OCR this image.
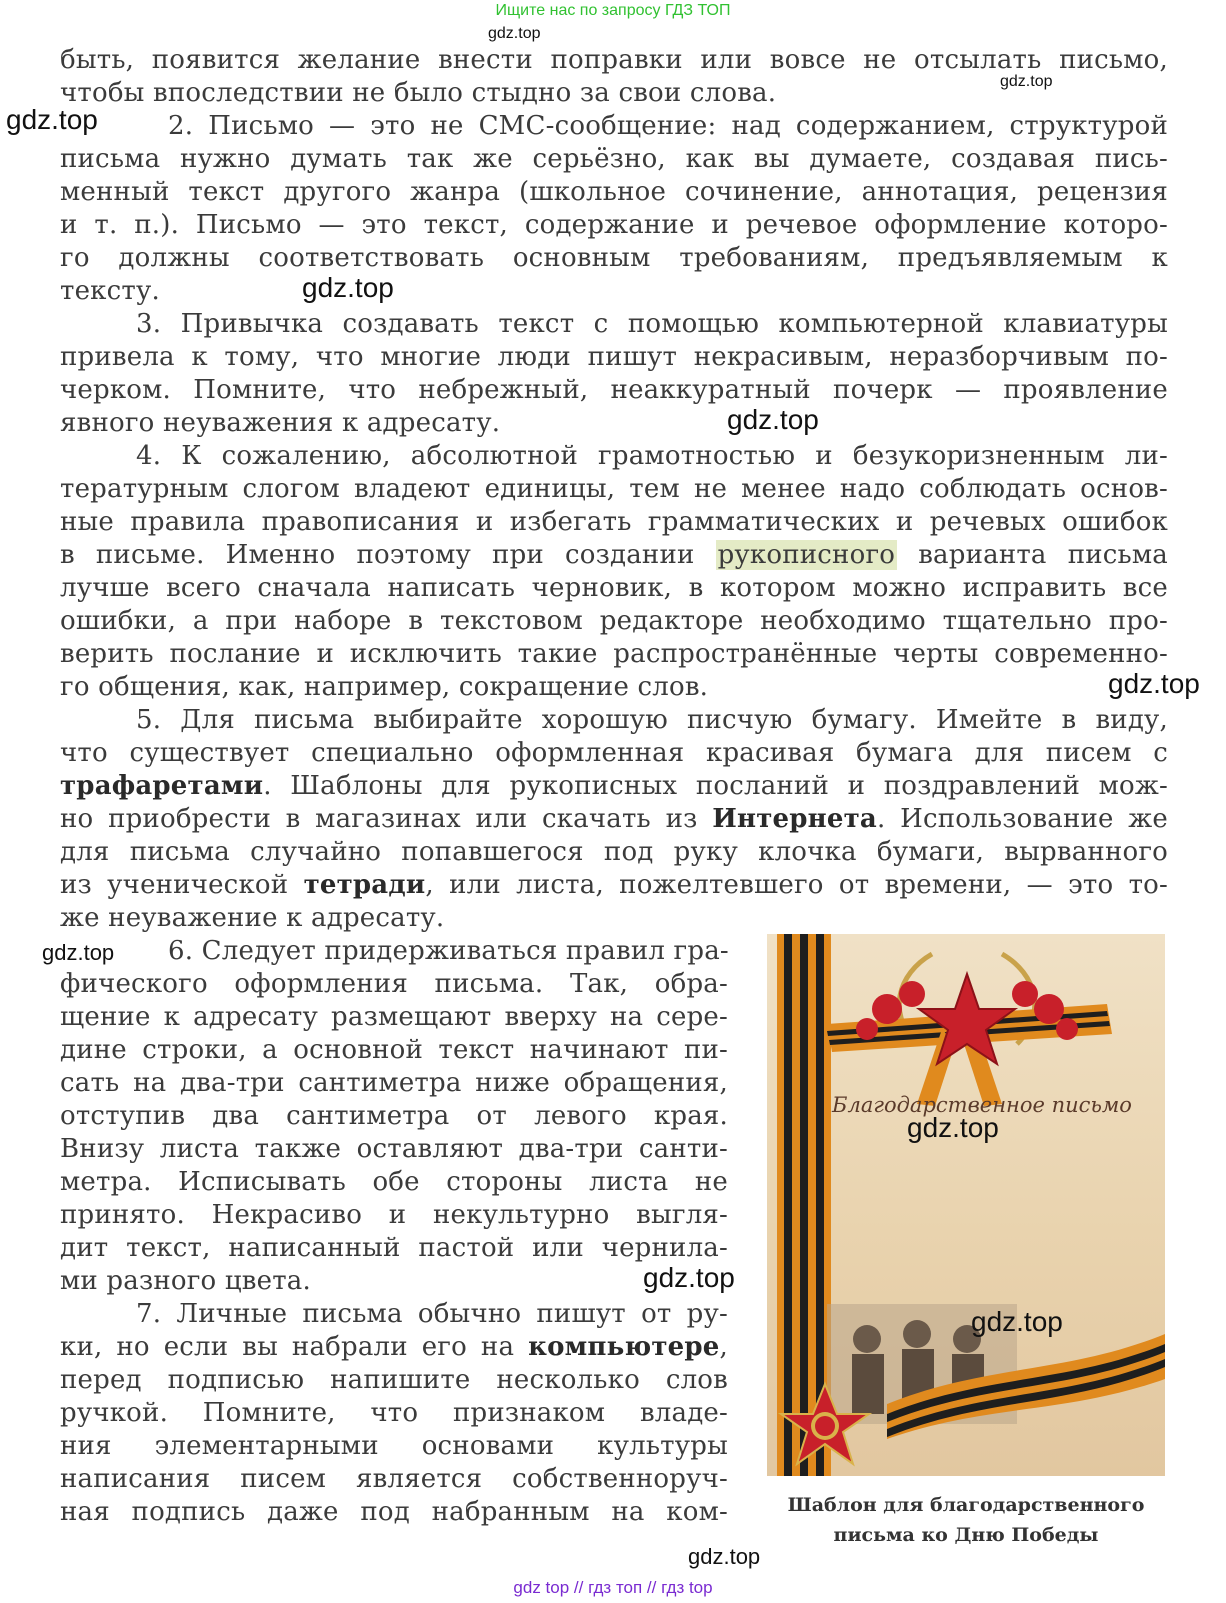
Ищите нас по запросу ГДЗ ТОП
gdz.top
gdz.top
gdz.top
gdz.top
gdz.top
gdz.top
gdz.top
gdz.top
gdz.top
быть, появится желание внести поправки или вовсе не отсылать письмо,
чтобы впоследствии не было стыдно за свои слова.
2. Письмо — это не СМС-сообщение: над содержанием, структурой
письма нужно думать так же серьёзно, как вы думаете, создавая пись-
менный текст другого жанра (школьное сочинение, аннотация, рецензия
и т. п.). Письмо — это текст, содержание и речевое оформление которо-
го должны соответствовать основным требованиям, предъявляемым к
тексту.
3. Привычка создавать текст с помощью компьютерной клавиатуры
привела к тому, что многие люди пишут некрасивым, неразборчивым по-
черком. Помните, что небрежный, неаккуратный почерк — проявление
явного неуважения к адресату.
4. К сожалению, абсолютной грамотностью и безукоризненным ли-
тературным слогом владеют единицы, тем не менее надо соблюдать основ-
ные правила правописания и избегать грамматических и речевых ошибок
в письме. Именно поэтому при создании рукописного варианта письма
лучше всего сначала написать черновик, в котором можно исправить все
ошибки, а при наборе в текстовом редакторе необходимо тщательно про-
верить послание и исключить такие распространённые черты современно-
го общения, как, например, сокращение слов.
5. Для письма выбирайте хорошую писчую бумагу. Имейте в виду,
что существует специально оформленная красивая бумага для писем с
трафаретами. Шаблоны для рукописных посланий и поздравлений мож-
но приобрести в магазинах или скачать из Интернета. Использование же
для письма случайно попавшегося под руку клочка бумаги, вырванного
из ученической тетради, или листа, пожелтевшего от времени, — это то-
же неуважение к адресату.
6. Следует придерживаться правил гра-
фического оформления письма. Так, обра-
щение к адресату размещают вверху на сере-
дине строки, а основной текст начинают пи-
сать на два-три сантиметра ниже обращения,
отступив два сантиметра от левого края.
Внизу листа также оставляют два-три санти-
метра. Исписывать обе стороны листа не
принято. Некрасиво и некультурно выгля-
дит текст, написанный пастой или чернила-
ми разного цвета.
7. Личные письма обычно пишут от ру-
ки, но если вы набрали его на компьютере,
перед подписью напишите несколько слов
ручкой. Помните, что признаком владе-
ния элементарными основами культуры
написания писем является собственноруч-
ная подпись даже под набранным на ком-
Благодарственное письмо
gdz.top
gdz.top
Шаблон для благодарственного
письма ко Дню Победы
gdz top // гдз топ // гдз top
